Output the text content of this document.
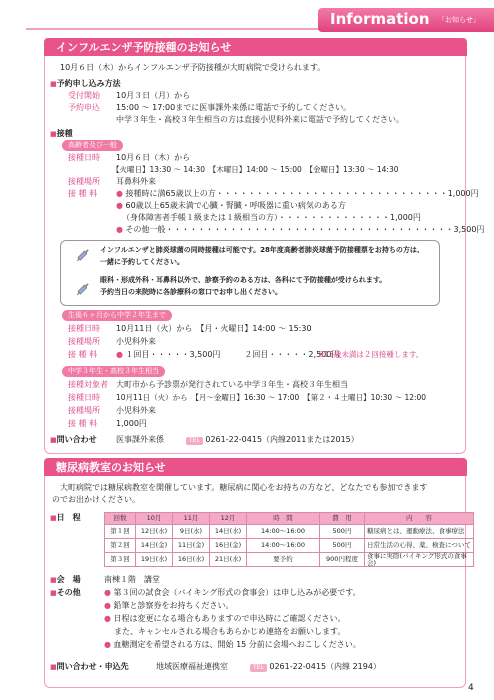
Information 「お知らせ」
インフルエンザ予防接種のお知らせ
10月６日（木）からインフルエンザ予防接種が大町病院で受けられます。
■予約申し込み方法
受付開始 10月３日（月）から
予約申込 15:00 ～ 17:00までに医事課外来係に電話で予約してください。
中学３年生・高校３年生相当の方は直接小児科外来に電話で予約してください。
■接種
高齢者及び一般
接種日時 10月６日（木）から
【火曜日】13:30 ～ 14:30　【木曜日】14:00 ～ 15:00　【金曜日】13:30 ～ 14:30
接種場所 耳鼻科外来
接 種 料 ● 接種時に満65歳以上の方・・・・・・・・・・・・・・・・・・・・・・・・・・・・・1,000円
● 60歳以上65歳未満で心臓・腎臓・呼吸器に重い病気のある方
（身体障害者手帳１級または１級相当の方）・・・・・・・・・・・・・・1,000円
● その他一般・・・・・・・・・・・・・・・・・・・・・・・・・・・・・・・・・・・・3,500円
インフルエンザと肺炎球菌の同時接種は可能です。28年度高齢者肺炎球菌予防接種票をお持ちの方は、
一緒に予約してください。
眼科・形成外科・耳鼻科以外で、診察予約のある方は、各科にて予防接種が受けられます。
予約当日の来院時に各診療科の窓口でお申し出ください。
生後６ヶ月から中学２年生まで
接種日時 10月11日（火）から　【月・火曜日】14:00 ～ 15:30
接種場所 小児科外来
接 種 料 ● １回目・・・・・3,500円　　　２回目・・・・・2,500円
※13歳未満は２回接種します。
中学３年生・高校３年生相当
接種対象者 大町市から予診票が発行されている中学３年生・高校３年生相当
接種日時 10月11日（火）から　【月～金曜日】16:30 ～ 17:00　【第２・４土曜日】10:30 ～ 12:00
接種場所 小児科外来
接 種 料 1,000円
■問い合わせ 医事課外来係	TEL 0261-22-0415（内線2011または2015）
糖尿病教室のお知らせ
大町病院では糖尿病教室を開催しています。糖尿病に関心をお持ちの方など、どなたでも参加できます
のでお出かけください。
■日　程	回数	10月	11月	12月	時　間	費　用	内　　容
第１回	12日(水)	9日(水)	14日(水)	14:00～16:00	500円	糖尿病とは、運動療法、食事療法
第２回	14日(金)	11日(金)	16日(金)	14:00～16:00	500円	日常生活の心得、薬、検査について
第３回	19日(水)	16日(水)	21日(水)	要予約	900円程度	食事に実際(バイキング形式の食事会)
■会　場	南棟１階　講堂
■その他	● 第３回の試食会（バイキング形式の食事会）は申し込みが必要です。
● 鉛筆と診察券をお持ちください。
● 日程は変更になる場合もありますので申込時にご確認ください。
また、キャンセルされる場合もあらかじめ連絡をお願いします。
● 血糖測定を希望される方は、開始 15 分前に会場へおこしください。
■問い合わせ・申込先	地域医療福祉連携室	TEL 0261-22-0415（内線 2194）
4
